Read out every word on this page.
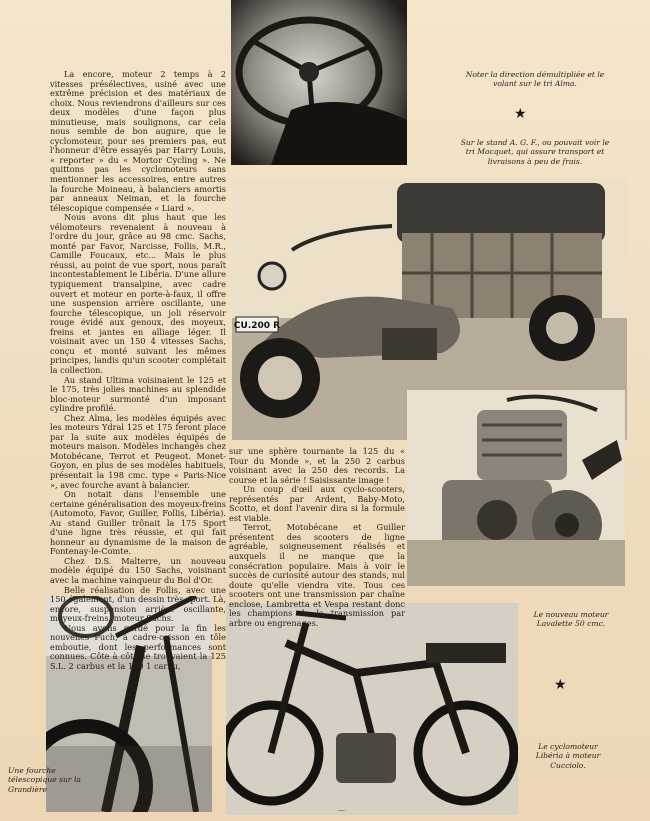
Noter la direction démultipliée et le volant sur le tri Alma.
★
Sur le stand A. G. F., ou pouvait voir le tri Macquet, qui assure transport et livraisons à peu de frais.
CU.200 R
Le nouveau moteur Lavalette 50 cmc.
★
Le cyclomoteur Libéria à moteur Cucciolo.
Une fourche télescopique sur la Grandière

La encore, moteur 2 temps à 2 vitesses présélectives, usiné avec une extrême précision et des matériaux de choix. Nous reviendrons d'ailleurs sur ces deux modèles d'une façon plus minutieuse, mais soulignons, car cela nous semble de bon augure, que le cyclomoteur, pour ses premiers pas, eut l'honneur d'être essayés par Harry Louis, « reporter » du « Mortor Cycling ». Ne quittons pas les cyclomoteurs sans mentionner les accessoires, entre autres la fourche Moineau, à balanciers amortis par anneaux Neiman, et la fourche télescopique compensée « Liard ».

Nous avons dit plus haut que les vélomoteurs revenaient à nouveau à l'ordre du jour, grâce au 98 cmc. Sachs, monté par Favor, Narcisse, Follis, M.R., Camille Foucaux, etc... Mais le plus réussi, au point de vue sport, nous paraît incontestablement le Libéria. D'une allure typiquement transalpine, avec cadre ouvert et moteur en porte-à-faux, il offre une suspension arrière oscillante, une fourche télescopique, un joli réservoir rouge évidé aux genoux, des moyeux, freins et jantes en alliage léger. Il voisinait avec un 150 4 vitesses Sachs, conçu et monté suivant les mêmes principes, landis qu'un scooter complétait la collection.

Au stand Ultima voisinaient le 125 et le 175, très jolies machines au splendide bloc-moteur surmonté d'un imposant cylindre profilé.

Chez Alma, les modèles équipés avec les moteurs Ydral 125 et 175 feront place par la suite aux modèles équipés de moteurs maison. Modèles inchangés chez Motobécane, Terrot et Peugeot. Monet-Goyon, en plus de ses modèles habituels, présentait la 198 cmc. type « Paris-Nice », avec fourche avant à balancier.

On notait dans l'ensemble une certaine généralisation des moyeux-freins (Automoto, Favor, Guiller, Follis, Libéria). Au stand Guiller trônait la 175 Sport d'une ligne très réussie, et qui fait honneur au dynamisme de la maison de Fontenay-le-Comte.

Chez D.S. Malterre, un nouveau modèle équipé du 150 Sachs, voisinant avec la machine vainqueur du Bol d'Or.

Belle réalisation de Follis, avec une 150 également, d'un dessin très sport. Là, encore, suspension arrière oscillante, moyeux-freins, moteur Sachs.

Nous avons gardé pour la fin les nouvelles Puch, à cadre-caisson en tôle emboutie, dont les performances sont connues. Côte à côte se trouvaient la 125 S.L. 2 carbus et la 150 1 carbu,

sur une sphère tournante la 125 du « Tour du Monde », et la 250 2 carbus voisinant avec la 250 des records. La course et la série ! Saisissante image !

Un coup d'œil aux cyclo-scooters, représentés par Ardent, Baby-Moto, Scotto, et dont l'avenir dira si la formule est viable.

Terrot, Motobécane et Guiller présentent des scooters de ligne agréable, soigneusement réalisés et auxquels il ne manque que la consécration populaire. Mais à voir le succès de curiosité autour des stands, nul doute qu'elle viendra vite. Tous ces scooters ont une transmission par chaîne enclose, Lambretta et Vespa restant donc les champions de la transmission par arbre ou engrenages.

—
